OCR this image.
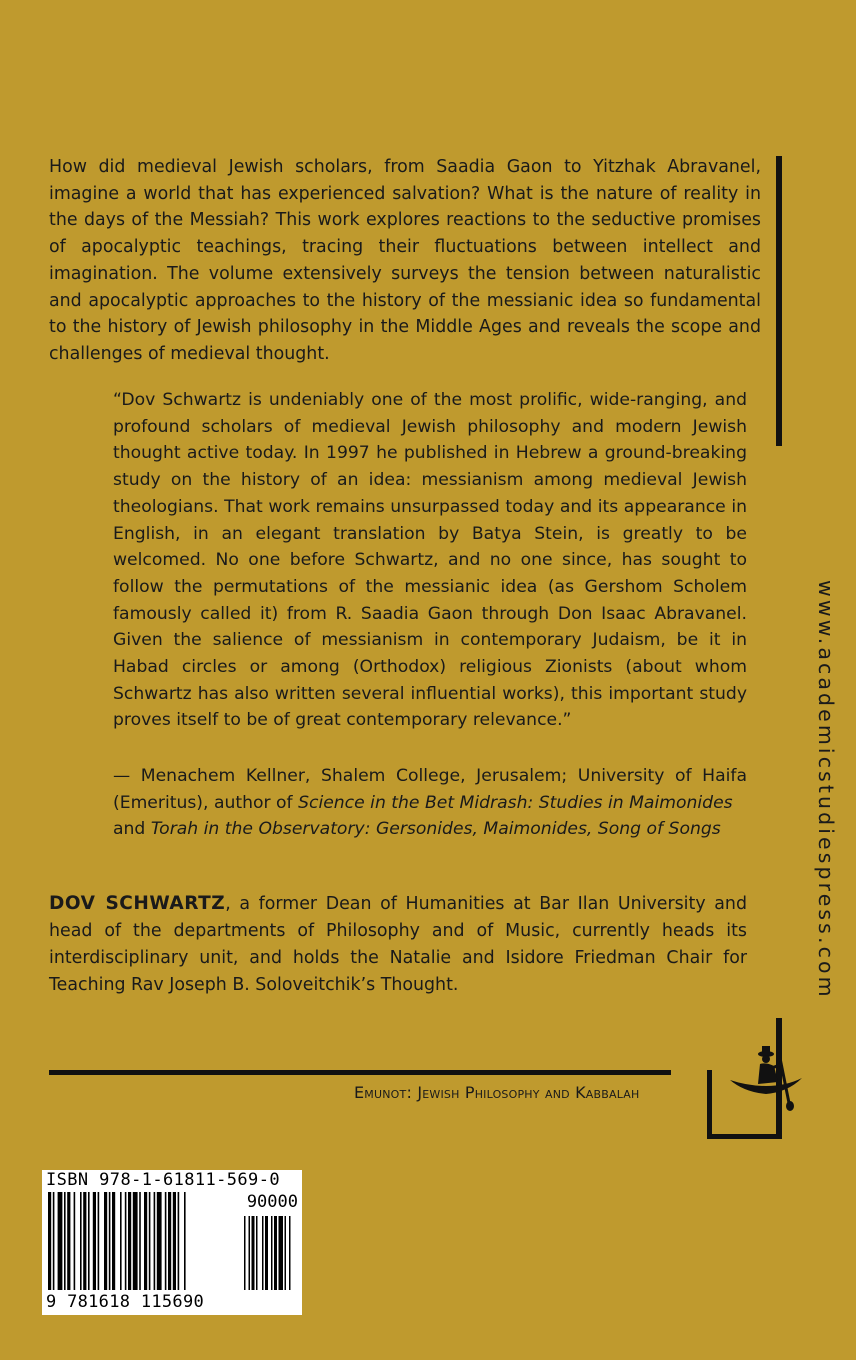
How did medieval Jewish scholars, from Saadia Gaon to Yitzhak Abravanel, imagine a world that has experienced salvation? What is the nature of reality in the days of the Messiah? This work explores reactions to the seductive promises of apocalyptic teachings, tracing their fluctuations between intellect and imagination. The volume extensively surveys the tension between naturalistic and apocalyptic approaches to the history of the messianic idea so fundamental to the history of Jewish philosophy in the Middle Ages and reveals the scope and challenges of medieval thought.

“Dov Schwartz is undeniably one of the most prolific, wide-ranging, and profound scholars of medieval Jewish philosophy and modern Jewish thought active today. In 1997 he published in Hebrew a ground-breaking study on the history of an idea: messianism among medieval Jewish theologians. That work remains unsurpassed today and its appearance in English, in an elegant translation by Batya Stein, is greatly to be welcomed. No one before Schwartz, and no one since, has sought to follow the permutations of the messianic idea (as Gershom Scholem famously called it) from R. Saadia Gaon through Don Isaac Abravanel. Given the salience of messianism in contemporary Judaism, be it in Habad circles or among (Orthodox) religious Zionists (about whom Schwartz has also written several influential works), this important study proves itself to be of great contemporary relevance.”

— Menachem Kellner, Shalem College, Jerusalem; University of Haifa (Emeritus), author of Science in the Bet Midrash: Studies in Maimonides
and Torah in the Observatory: Gersonides, Maimonides, Song of Songs

DOV SCHWARTZ, a former Dean of Humanities at Bar Ilan University and head of the departments of Philosophy and of Music, currently heads its interdisciplinary unit, and holds the Natalie and Isidore Friedman Chair for Teaching Rav Joseph B. Soloveitchik’s Thought.	www.academicstudiespress.com
Emunot: Jewish Philosophy and Kabbalah
ISBN 978-1-61811-569-0
90000
9 781618 115690
